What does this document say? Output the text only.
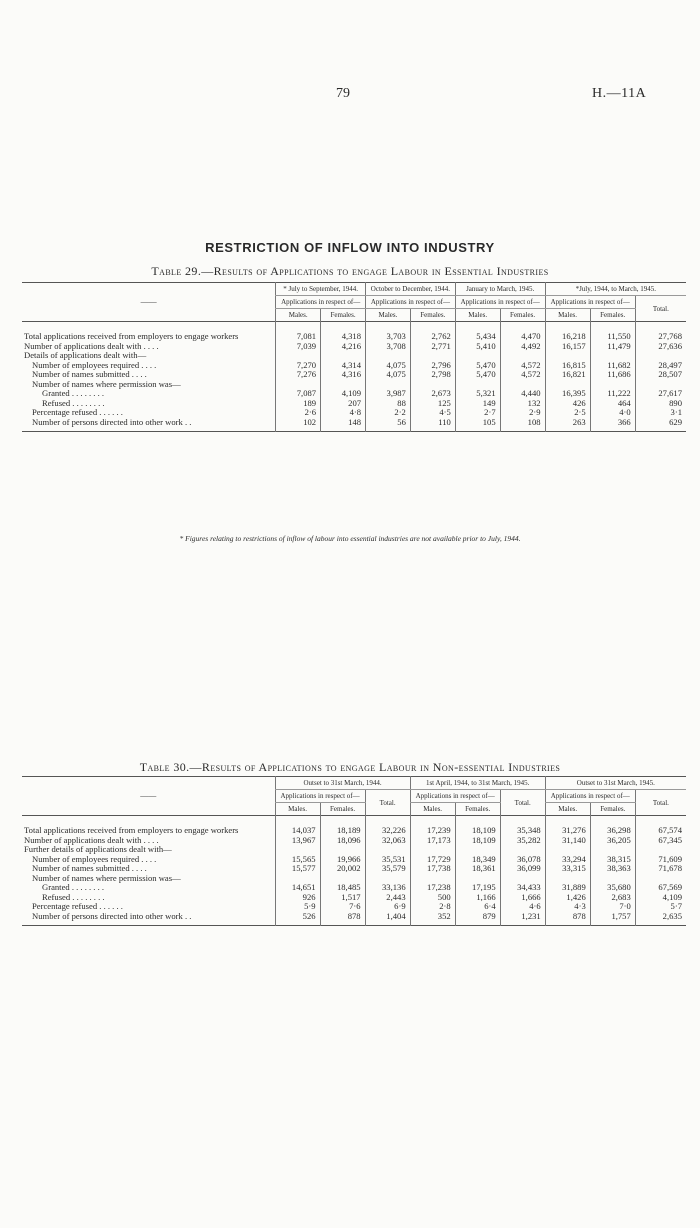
79	H.—11A
RESTRICTION OF INFLOW INTO INDUSTRY
Table 29.—Results of Applications to engage Labour in Essential Industries
——	* July to September, 1944.		October to December, 1944.		January to March, 1945.		*July, 1944, to March, 1945.		
	Applications in respect of—		Applications in respect of—		Applications in respect of—		Applications in respect of—		Total.
	Males.	Females.	Males.	Females.	Males.	Females.	Males.	Females.	

Total applications received from employers to engage workers	7,081	4,318	3,703	2,762	5,434	4,470	16,218	11,550	27,768
Number of applications dealt with . . . .	7,039	4,216	3,708	2,771	5,410	4,492	16,157	11,479	27,636
Details of applications dealt with—									
Number of employees required . . . .	7,270	4,314	4,075	2,796	5,470	4,572	16,815	11,682	28,497
Number of names submitted . . . .	7,276	4,316	4,075	2,798	5,470	4,572	16,821	11,686	28,507
Number of names where permission was—									
Granted . . . . . . . .	7,087	4,109	3,987	2,673	5,321	4,440	16,395	11,222	27,617
Refused . . . . . . . .	189	207	88	125	149	132	426	464	890
Percentage refused . . . . . .	2·6	4·8	2·2	4·5	2·7	2·9	2·5	4·0	3·1
Number of persons directed into other work . .	102	148	56	110	105	108	263	366	629

* Figures relating to restrictions of inflow of labour into essential industries are not available prior to July, 1944.
Table 30.—Results of Applications to engage Labour in Non-essential Industries
——	Outset to 31st March, 1944.			1st April, 1944, to 31st March, 1945.			Outset to 31st March, 1945.		
	Applications in respect of—		Total.	Applications in respect of—		Total.	Applications in respect of—		Total.
	Males.	Females.		Males.	Females.		Males.	Females.	

Total applications received from employers to engage workers	14,037	18,189	32,226	17,239	18,109	35,348	31,276	36,298	67,574
Number of applications dealt with . . . .	13,967	18,096	32,063	17,173	18,109	35,282	31,140	36,205	67,345
Further details of applications dealt with—									
Number of employees required . . . .	15,565	19,966	35,531	17,729	18,349	36,078	33,294	38,315	71,609
Number of names submitted . . . .	15,577	20,002	35,579	17,738	18,361	36,099	33,315	38,363	71,678
Number of names where permission was—									
Granted . . . . . . . .	14,651	18,485	33,136	17,238	17,195	34,433	31,889	35,680	67,569
Refused . . . . . . . .	926	1,517	2,443	500	1,166	1,666	1,426	2,683	4,109
Percentage refused . . . . . .	5·9	7·6	6·9	2·8	6·4	4·6	4·3	7·0	5·7
Number of persons directed into other work . .	526	878	1,404	352	879	1,231	878	1,757	2,635
